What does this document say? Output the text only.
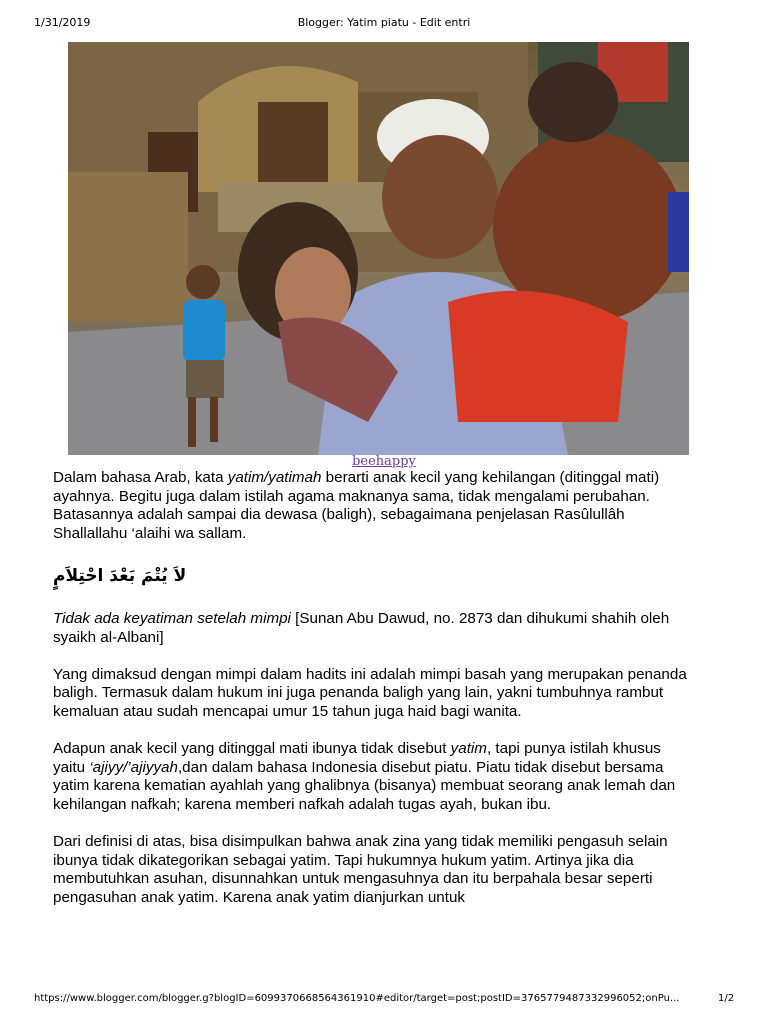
1/31/2019	Blogger: Yatim piatu - Edit entri
beehappy

Dalam bahasa Arab, kata yatim/yatimah berarti anak kecil yang kehilangan (ditinggal mati) ayahnya. Begitu juga dalam istilah agama maknanya sama, tidak mengalami perubahan. Batasannya adalah sampai dia dewasa (baligh), sebagaimana penjelasan Rasûlullâh Shallallahu ‘alaihi wa sallam.

لاَ يُتْمَ بَعْدَ احْتِلاَمٍ

Tidak ada keyatiman setelah mimpi [Sunan Abu Dawud, no. 2873 dan dihukumi shahih oleh syaikh al-Albani]

Yang dimaksud dengan mimpi dalam hadits ini adalah mimpi basah yang merupakan penanda baligh. Termasuk dalam hukum ini juga penanda baligh yang lain, yakni tumbuhnya rambut kemaluan atau sudah mencapai umur 15 tahun juga haid bagi wanita.

Adapun anak kecil yang ditinggal mati ibunya tidak disebut yatim, tapi punya istilah khusus yaitu ‘ajiyy/’ajiyyah,dan dalam bahasa Indonesia disebut piatu. Piatu tidak disebut bersama yatim karena kematian ayahlah yang ghalibnya (bisanya) membuat seorang anak lemah dan kehilangan nafkah; karena memberi nafkah adalah tugas ayah, bukan ibu.

Dari definisi di atas, bisa disimpulkan bahwa anak zina yang tidak memiliki pengasuh selain ibunya tidak dikategorikan sebagai yatim. Tapi hukumnya hukum yatim. Artinya jika dia membutuhkan asuhan, disunnahkan untuk mengasuhnya dan itu berpahala besar seperti pengasuhan anak yatim. Karena anak yatim dianjurkan untuk

https://www.blogger.com/blogger.g?blogID=6099370668564361910#editor/target=post;postID=3765779487332996052;onPu...	1/2
